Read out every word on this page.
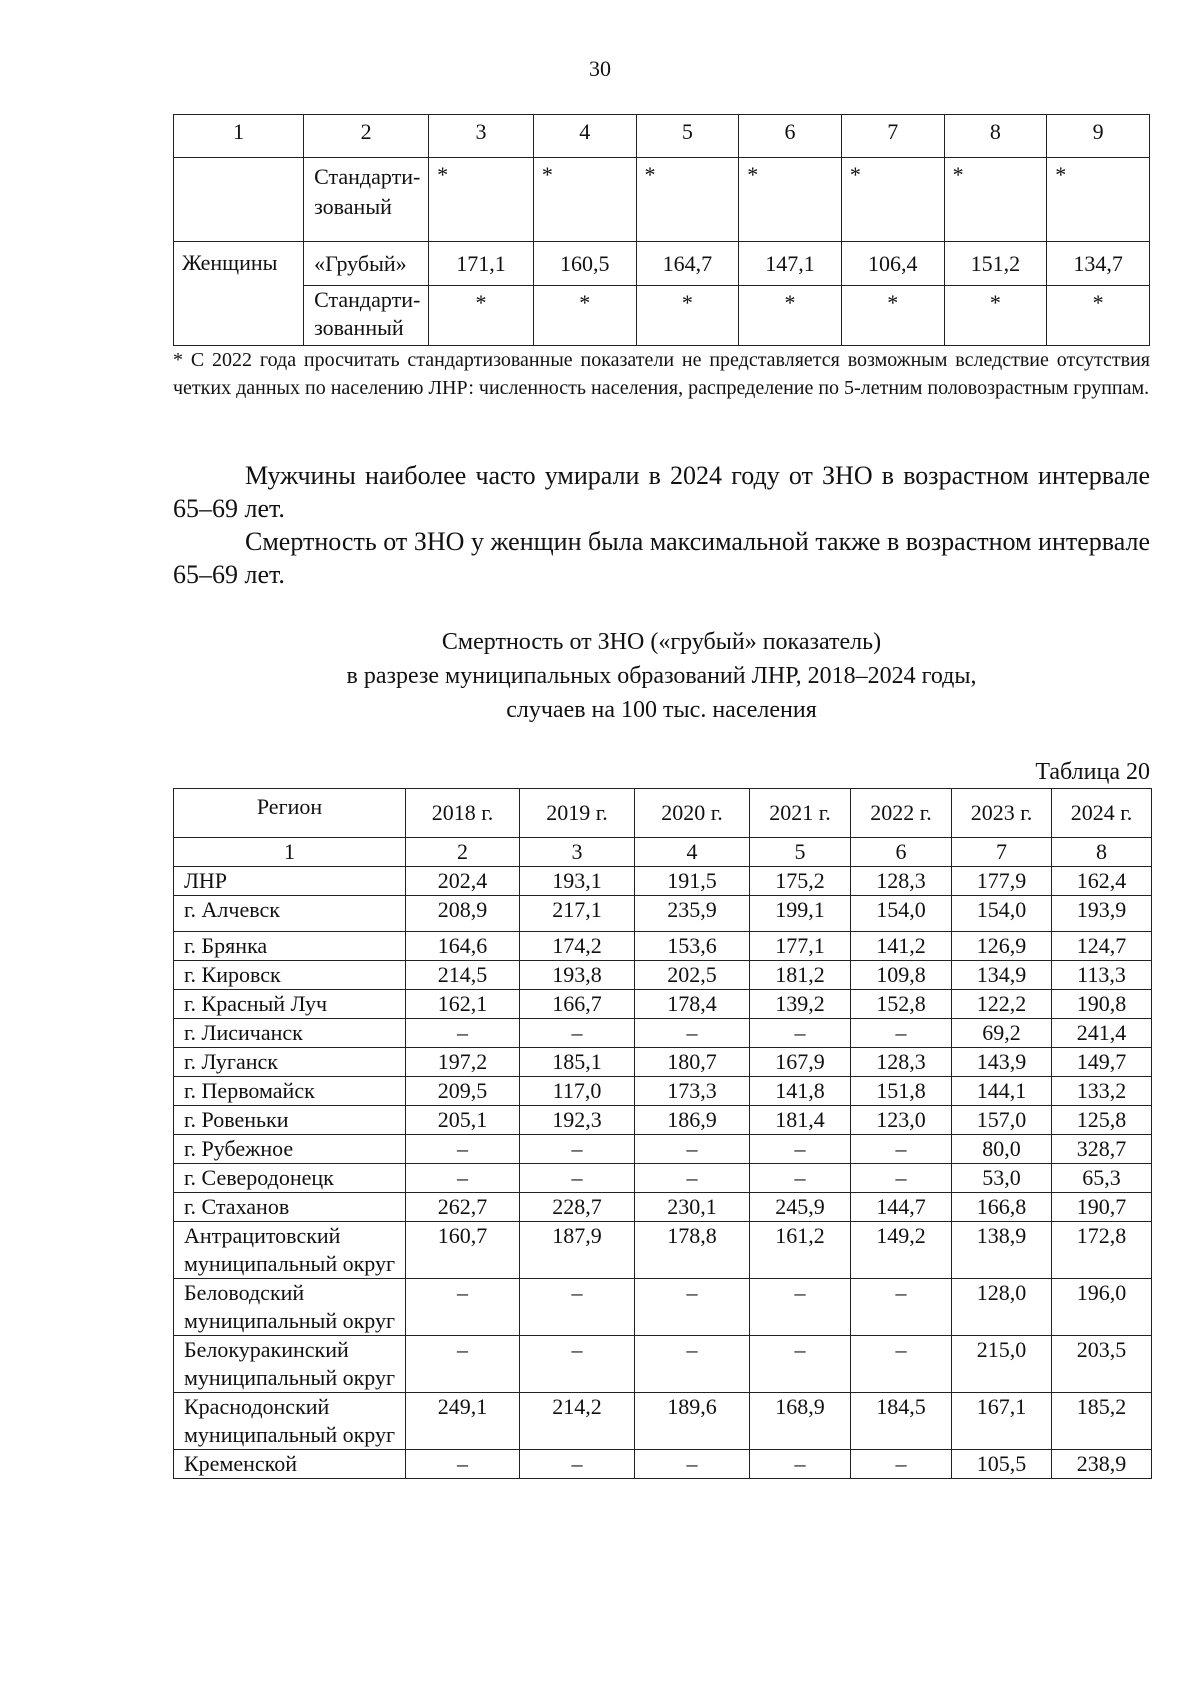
30
1	2	3	4	5	6	7	8	9
	Стандарти-зованый	*	*	*	*	*	*	*
Женщины	«Грубый»	171,1	160,5	164,7	147,1	106,4	151,2	134,7
	Стандарти-зованный	*	*	*	*	*	*	*
* С 2022 года просчитать стандартизованные показатели не представляется возможным вследствие отсутствия четких данных по населению ЛНР: численность населения, распределение по 5-летним половозрастным группам.
Мужчины наиболее часто умирали в 2024 году от ЗНО в возрастном интервале 65–69 лет.
Смертность от ЗНО у женщин была максимальной также в возрастном интервале 65–69 лет.
Смертность от ЗНО («грубый» показатель)
в разрезе муниципальных образований ЛНР, 2018–2024 годы,
случаев на 100 тыс. населения
Таблица 20
Регион	2018 г.	2019 г.	2020 г.	2021 г.	2022 г.	2023 г.	2024 г.
1	2	3	4	5	6	7	8
ЛНР	202,4	193,1	191,5	175,2	128,3	177,9	162,4
г. Алчевск	208,9	217,1	235,9	199,1	154,0	154,0	193,9
г. Брянка	164,6	174,2	153,6	177,1	141,2	126,9	124,7
г. Кировск	214,5	193,8	202,5	181,2	109,8	134,9	113,3
г. Красный Луч	162,1	166,7	178,4	139,2	152,8	122,2	190,8
г. Лисичанск	–	–	–	–	–	69,2	241,4
г. Луганск	197,2	185,1	180,7	167,9	128,3	143,9	149,7
г. Первомайск	209,5	117,0	173,3	141,8	151,8	144,1	133,2
г. Ровеньки	205,1	192,3	186,9	181,4	123,0	157,0	125,8
г. Рубежное	–	–	–	–	–	80,0	328,7
г. Северодонецк	–	–	–	–	–	53,0	65,3
г. Стаханов	262,7	228,7	230,1	245,9	144,7	166,8	190,7
Антрацитовский муниципальный округ	160,7	187,9	178,8	161,2	149,2	138,9	172,8
Беловодский муниципальный округ	–	–	–	–	–	128,0	196,0
Белокуракинский муниципальный округ	–	–	–	–	–	215,0	203,5
Краснодонский муниципальный округ	249,1	214,2	189,6	168,9	184,5	167,1	185,2
Кременской	–	–	–	–	–	105,5	238,9
